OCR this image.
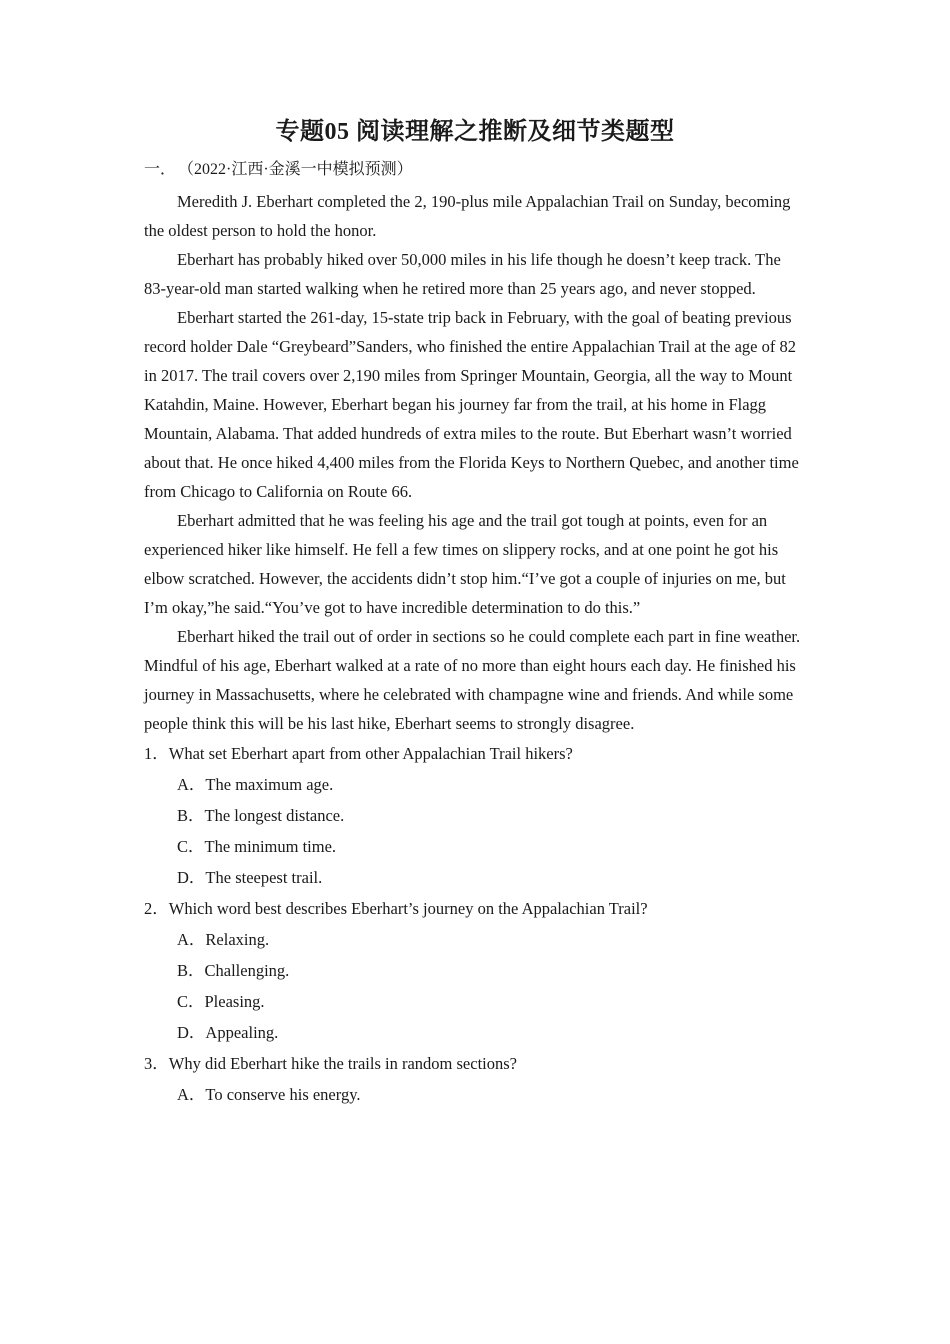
专题05 阅读理解之推断及细节类题型
一． （2022·江西·金溪一中模拟预测）

Meredith J. Eberhart completed the 2, 190-plus mile Appalachian Trail on Sunday, becoming the oldest person to hold the honor.

Eberhart has probably hiked over 50,000 miles in his life though he doesn’t keep track. The 83-year-old man started walking when he retired more than 25 years ago, and never stopped.

Eberhart started the 261-day, 15-state trip back in February, with the goal of beating previous record holder Dale “Greybeard”Sanders, who finished the entire Appalachian Trail at the age of 82 in 2017. The trail covers over 2,190 miles from Springer Mountain, Georgia, all the way to Mount Katahdin, Maine. However, Eberhart began his journey far from the trail, at his home in Flagg Mountain, Alabama. That added hundreds of extra miles to the route. But Eberhart wasn’t worried about that. He once hiked 4,400 miles from the Florida Keys to Northern Quebec, and another time from Chicago to California on Route 66.

Eberhart admitted that he was feeling his age and the trail got tough at points, even for an experienced hiker like himself. He fell a few times on slippery rocks, and at one point he got his elbow scratched. However, the accidents didn’t stop him.“I’ve got a couple of injuries on me, but I’m okay,”he said.“You’ve got to have incredible determination to do this.”

Eberhart hiked the trail out of order in sections so he could complete each part in fine weather. Mindful of his age, Eberhart walked at a rate of no more than eight hours each day. He finished his journey in Massachusetts, where he celebrated with champagne wine and friends. And while some people think this will be his last hike, Eberhart seems to strongly disagree.

1．What set Eberhart apart from other Appalachian Trail hikers?

A．The maximum age.

B．The longest distance.

C．The minimum time.

D．The steepest trail.

2．Which word best describes Eberhart’s journey on the Appalachian Trail?

A．Relaxing.

B．Challenging.

C．Pleasing.

D．Appealing.

3．Why did Eberhart hike the trails in random sections?

A．To conserve his energy.
